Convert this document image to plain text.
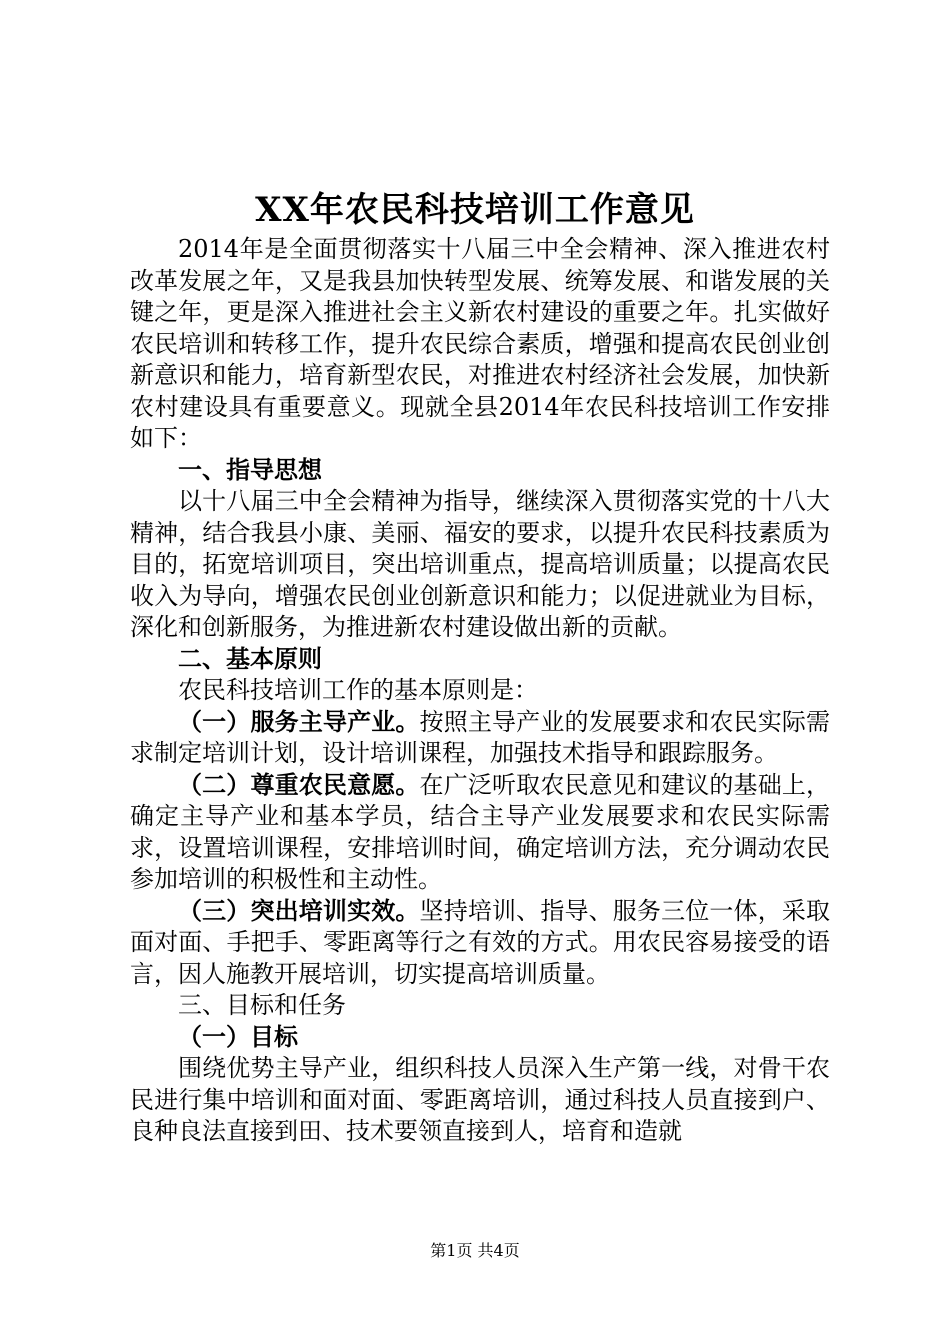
XX年农民科技培训工作意见

2014年是全面贯彻落实十八届三中全会精神、深入推进农村改革发展之年，又是我县加快转型发展、统筹发展、和谐发展的关键之年，更是深入推进社会主义新农村建设的重要之年。扎实做好农民培训和转移工作，提升农民综合素质，增强和提高农民创业创新意识和能力，培育新型农民，对推进农村经济社会发展，加快新农村建设具有重要意义。现就全县2014年农民科技培训工作安排如下：

一、指导思想

以十八届三中全会精神为指导，继续深入贯彻落实党的十八大精神，结合我县小康、美丽、福安的要求，以提升农民科技素质为目的，拓宽培训项目，突出培训重点，提高培训质量；以提高农民收入为导向，增强农民创业创新意识和能力；以促进就业为目标，深化和创新服务，为推进新农村建设做出新的贡献。

二、基本原则

农民科技培训工作的基本原则是：

（一）服务主导产业。按照主导产业的发展要求和农民实际需求制定培训计划，设计培训课程，加强技术指导和跟踪服务。

（二）尊重农民意愿。在广泛听取农民意见和建议的基础上，确定主导产业和基本学员，结合主导产业发展要求和农民实际需求，设置培训课程，安排培训时间，确定培训方法，充分调动农民参加培训的积极性和主动性。

（三）突出培训实效。坚持培训、指导、服务三位一体，采取面对面、手把手、零距离等行之有效的方式。用农民容易接受的语言，因人施教开展培训，切实提高培训质量。

三、目标和任务

（一）目标

围绕优势主导产业，组织科技人员深入生产第一线，对骨干农民进行集中培训和面对面、零距离培训，通过科技人员直接到户、良种良法直接到田、技术要领直接到人，培育和造就

第1页 共4页
